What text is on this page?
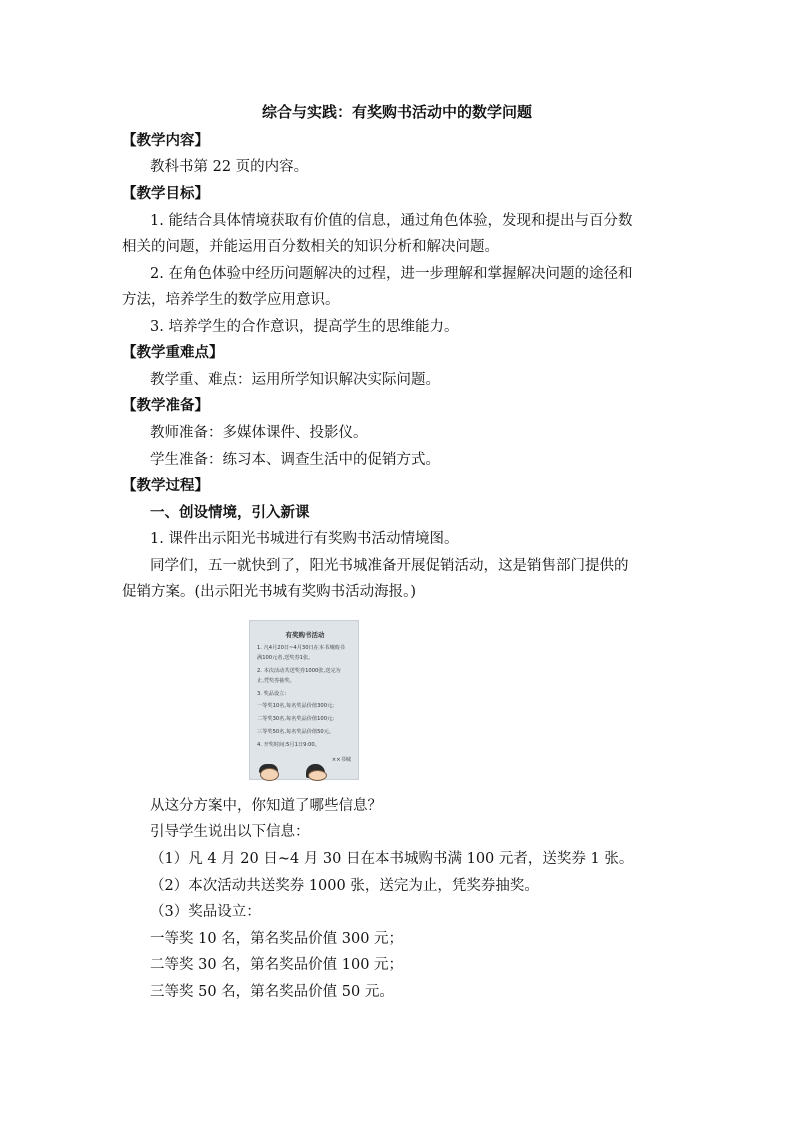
综合与实践：有奖购书活动中的数学问题
【教学内容】
教科书第 22 页的内容。
【教学目标】
1. 能结合具体情境获取有价值的信息，通过角色体验，发现和提出与百分数
相关的问题，并能运用百分数相关的知识分析和解决问题。
2. 在角色体验中经历问题解决的过程，进一步理解和掌握解决问题的途径和
方法，培养学生的数学应用意识。
3. 培养学生的合作意识，提高学生的思维能力。
【教学重难点】
教学重、难点：运用所学知识解决实际问题。
【教学准备】
教师准备：多媒体课件、投影仪。
学生准备：练习本、调查生活中的促销方式。
【教学过程】
一、创设情境，引入新课
1. 课件出示阳光书城进行有奖购书活动情境图。
同学们，五一就快到了，阳光书城准备开展促销活动，这是销售部门提供的
促销方案。(出示阳光书城有奖购书活动海报。)
有奖购书活动
1. 凡4月20日~4月30日在本书城购书
满100元者,送奖券1张。
2. 本次活动共送奖券1000张,送完为
止,凭奖券抽奖。
3. 奖品设立:
一等奖10名,每名奖品价值300元;
二等奖30名,每名奖品价值100元;
三等奖50名,每名奖品价值50元。
4. 开奖时间:5月1日9:00。
××书城
从这分方案中，你知道了哪些信息？
引导学生说出以下信息：
（1）凡 4 月 20 日~4 月 30 日在本书城购书满 100 元者，送奖券 1 张。
（2）本次活动共送奖券 1000 张，送完为止，凭奖券抽奖。
（3）奖品设立：
一等奖 10 名，第名奖品价值 300 元；
二等奖 30 名，第名奖品价值 100 元；
三等奖 50 名，第名奖品价值 50 元。
